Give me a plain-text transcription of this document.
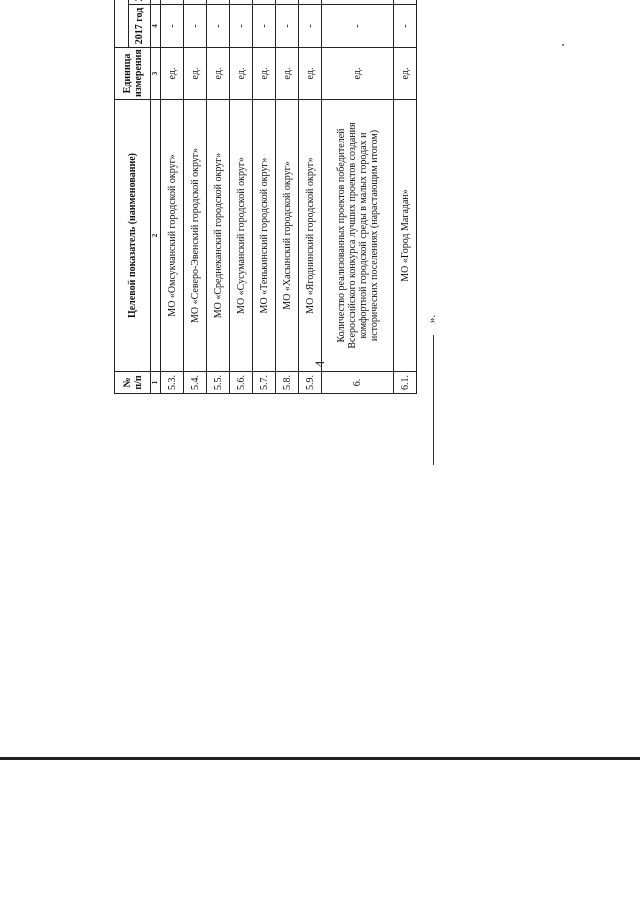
4
№ п/п	Целевой показатель (наименование)	Единица измерения	
			2017 год							
1	2	3	4							
5.3.	МО «Омсукчанский городской округ»	ед.	-							
5.4.	МО «Северо-Эвенский городской округ»	ед.	-							
5.5.	МО «Среднеканский городской округ»	ед.	-							
5.6.	МО «Сусуманский городской округ»	ед.	-							
5.7.	МО «Тенькинский городской округ»	ед.	-							
5.8.	МО «Хасынский городской округ»	ед.	-							
5.9.	МО «Ягоднинский городской округ»	ед.	-							
6.	Количество реализованных проектов победителей Всероссийского конкурса лучших проектов создания комфортной городской среды в малых городах и исторических поселениях (нарастающим итогом)	ед.	-							
6.1.	МО «Город Магадан»	ед.	-							
».
